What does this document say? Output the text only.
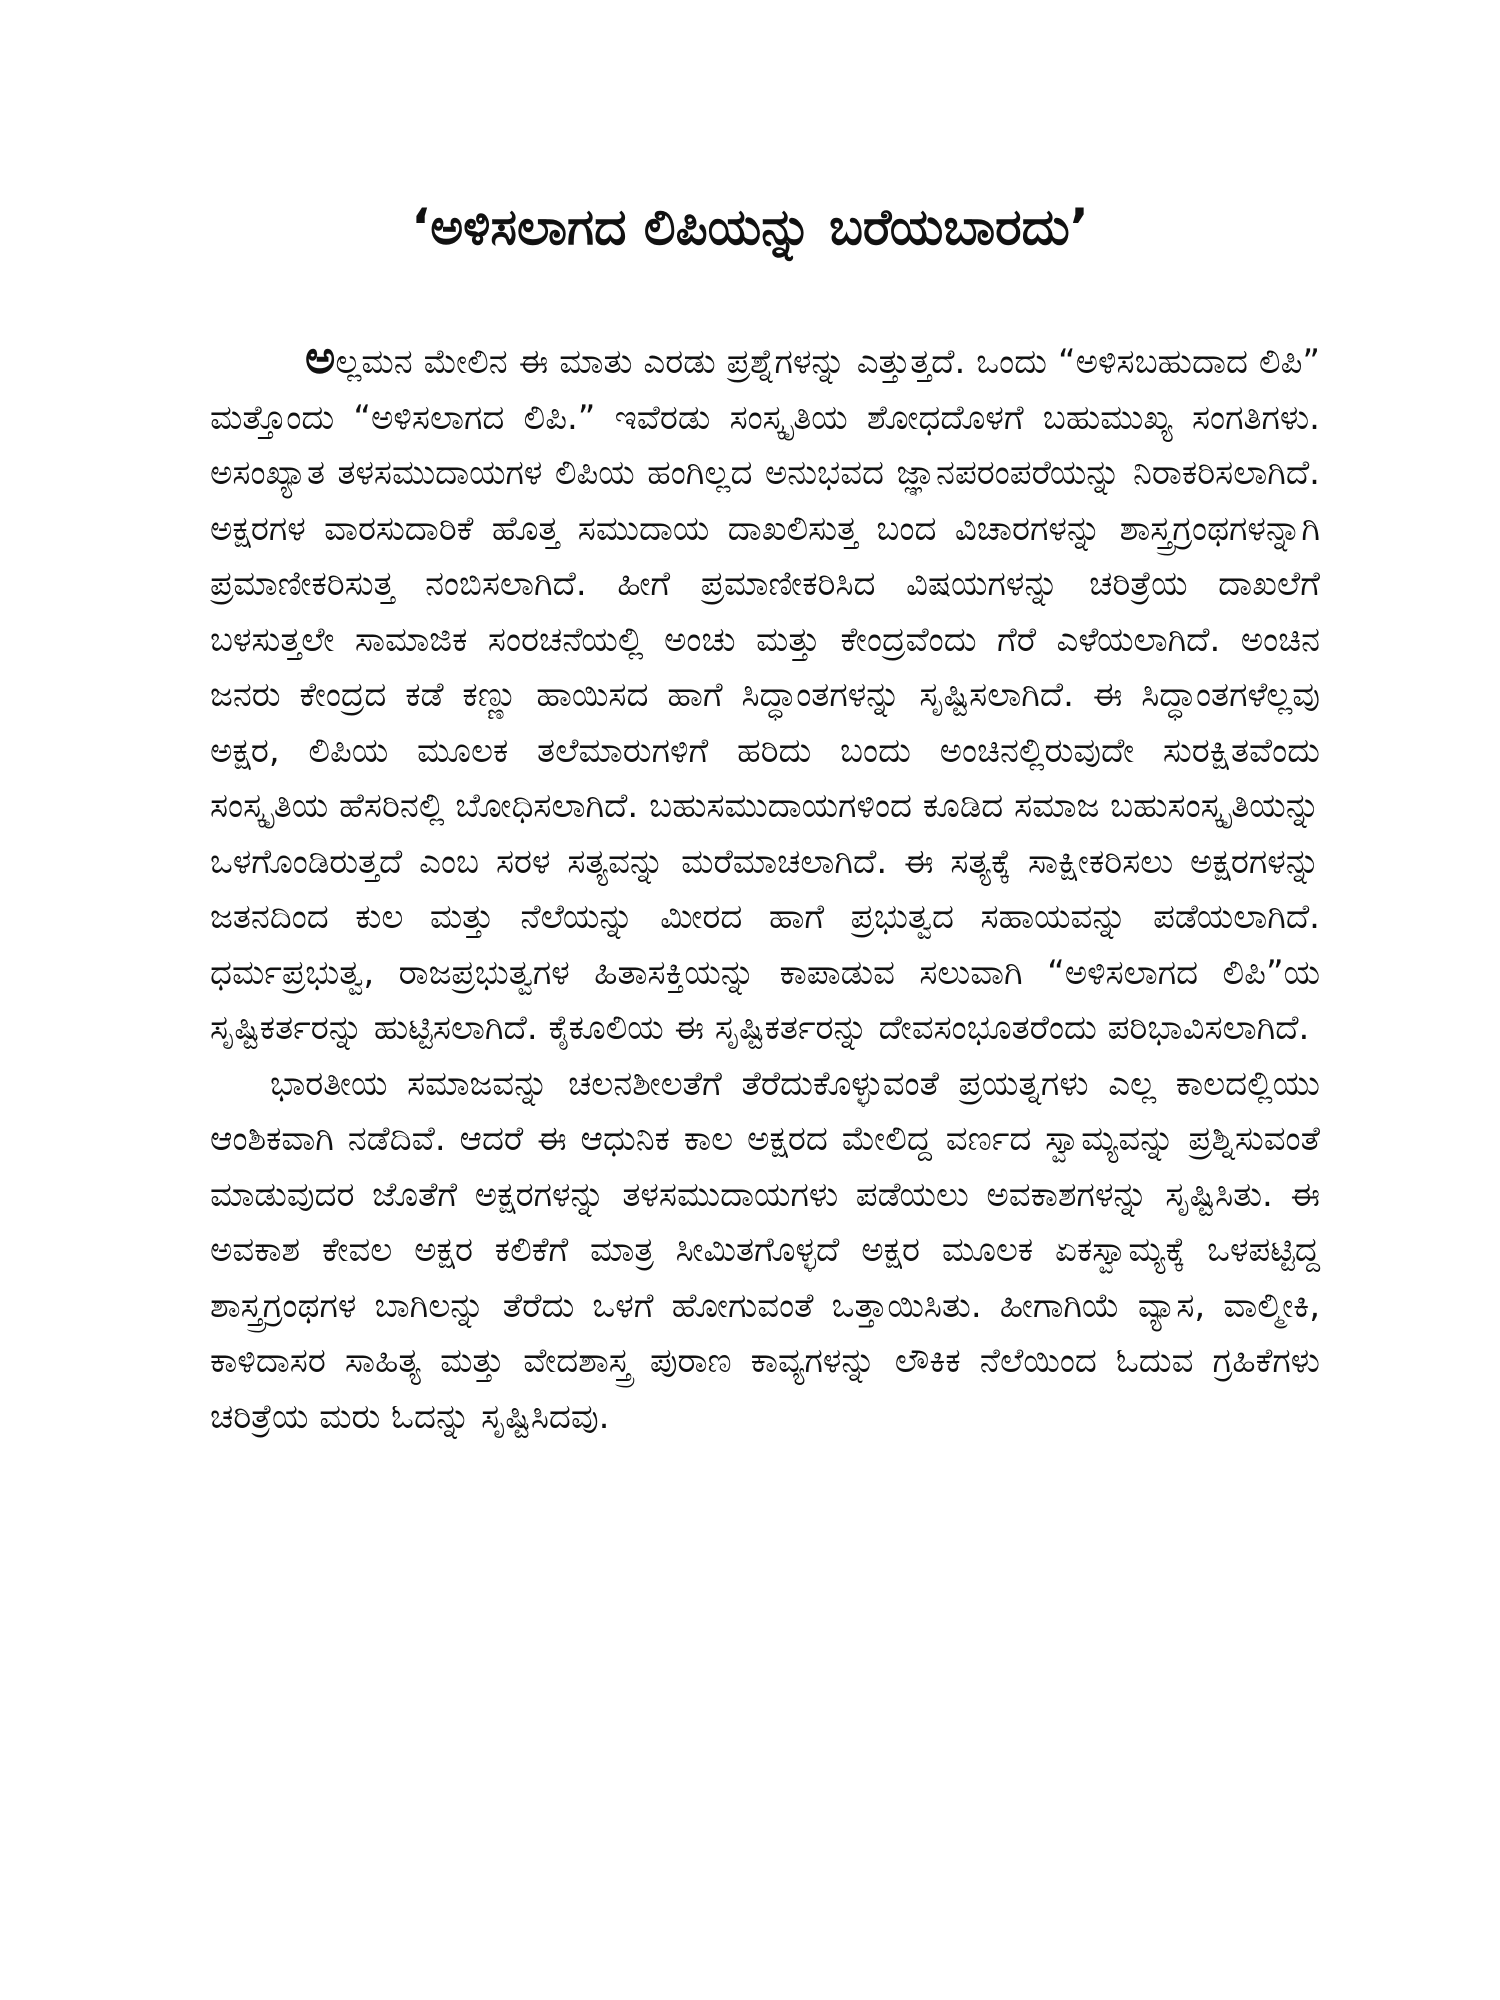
‘ಅಳಿಸಲಾಗದ ಲಿಪಿಯನ್ನು ಬರೆಯಬಾರದು’

ಅಲ್ಲಮನ ಮೇಲಿನ ಈ ಮಾತು ಎರಡು ಪ್ರಶ್ನೆಗಳನ್ನು ಎತ್ತುತ್ತದೆ. ಒಂದು “ಅಳಿಸಬಹುದಾದ ಲಿಪಿ” ಮತ್ತೊಂದು “ಅಳಿಸಲಾಗದ ಲಿಪಿ.” ಇವೆರಡು ಸಂಸ್ಕೃತಿಯ ಶೋಧದೊಳಗೆ ಬಹುಮುಖ್ಯ ಸಂಗತಿಗಳು. ಅಸಂಖ್ಯಾತ ತಳಸಮುದಾಯಗಳ ಲಿಪಿಯ ಹಂಗಿಲ್ಲದ ಅನುಭವದ ಜ್ಞಾನಪರಂಪರೆಯನ್ನು ನಿರಾಕರಿಸಲಾಗಿದೆ. ಅಕ್ಷರಗಳ ವಾರಸುದಾರಿಕೆ ಹೊತ್ತ ಸಮುದಾಯ ದಾಖಲಿಸುತ್ತ ಬಂದ ವಿಚಾರಗಳನ್ನು ಶಾಸ್ತ್ರಗ್ರಂಥಗಳನ್ನಾಗಿ ಪ್ರಮಾಣೀಕರಿಸುತ್ತ ನಂಬಿಸಲಾಗಿದೆ. ಹೀಗೆ ಪ್ರಮಾಣೀಕರಿಸಿದ ವಿಷಯಗಳನ್ನು ಚರಿತ್ರೆಯ ದಾಖಲೆಗೆ ಬಳಸುತ್ತಲೇ ಸಾಮಾಜಿಕ ಸಂರಚನೆಯಲ್ಲಿ ಅಂಚು ಮತ್ತು ಕೇಂದ್ರವೆಂದು ಗೆರೆ ಎಳೆಯಲಾಗಿದೆ. ಅಂಚಿನ ಜನರು ಕೇಂದ್ರದ ಕಡೆ ಕಣ್ಣು ಹಾಯಿಸದ ಹಾಗೆ ಸಿದ್ಧಾಂತಗಳನ್ನು ಸೃಷ್ಟಿಸಲಾಗಿದೆ. ಈ ಸಿದ್ಧಾಂತಗಳೆಲ್ಲವು ಅಕ್ಷರ, ಲಿಪಿಯ ಮೂಲಕ ತಲೆಮಾರುಗಳಿಗೆ ಹರಿದು ಬಂದು ಅಂಚಿನಲ್ಲಿರುವುದೇ ಸುರಕ್ಷಿತವೆಂದು ಸಂಸ್ಕೃತಿಯ ಹೆಸರಿನಲ್ಲಿ ಬೋಧಿಸಲಾಗಿದೆ. ಬಹುಸಮುದಾಯಗಳಿಂದ ಕೂಡಿದ ಸಮಾಜ ಬಹುಸಂಸ್ಕೃತಿಯನ್ನು ಒಳಗೊಂಡಿರುತ್ತದೆ ಎಂಬ ಸರಳ ಸತ್ಯವನ್ನು ಮರೆಮಾಚಲಾಗಿದೆ. ಈ ಸತ್ಯಕ್ಕೆ ಸಾಕ್ಷೀಕರಿಸಲು ಅಕ್ಷರಗಳನ್ನು ಜತನದಿಂದ ಕುಲ ಮತ್ತು ನೆಲೆಯನ್ನು ಮೀರದ ಹಾಗೆ ಪ್ರಭುತ್ವದ ಸಹಾಯವನ್ನು ಪಡೆಯಲಾಗಿದೆ. ಧರ್ಮಪ್ರಭುತ್ವ, ರಾಜಪ್ರಭುತ್ವಗಳ ಹಿತಾಸಕ್ತಿಯನ್ನು ಕಾಪಾಡುವ ಸಲುವಾಗಿ “ಅಳಿಸಲಾಗದ ಲಿಪಿ”ಯ ಸೃಷ್ಟಿಕರ್ತರನ್ನು ಹುಟ್ಟಿಸಲಾಗಿದೆ. ಕೈಕೂಲಿಯ ಈ ಸೃಷ್ಟಿಕರ್ತರನ್ನು ದೇವಸಂಭೂತರೆಂದು ಪರಿಭಾವಿಸಲಾಗಿದೆ.

ಭಾರತೀಯ ಸಮಾಜವನ್ನು ಚಲನಶೀಲತೆಗೆ ತೆರೆದುಕೊಳ್ಳುವಂತೆ ಪ್ರಯತ್ನಗಳು ಎಲ್ಲ ಕಾಲದಲ್ಲಿಯು ಆಂಶಿಕವಾಗಿ ನಡೆದಿವೆ. ಆದರೆ ಈ ಆಧುನಿಕ ಕಾಲ ಅಕ್ಷರದ ಮೇಲಿದ್ದ ವರ್ಣದ ಸ್ವಾಮ್ಯವನ್ನು ಪ್ರಶ್ನಿಸುವಂತೆ ಮಾಡುವುದರ ಜೊತೆಗೆ ಅಕ್ಷರಗಳನ್ನು ತಳಸಮುದಾಯಗಳು ಪಡೆಯಲು ಅವಕಾಶಗಳನ್ನು ಸೃಷ್ಟಿಸಿತು. ಈ ಅವಕಾಶ ಕೇವಲ ಅಕ್ಷರ ಕಲಿಕೆಗೆ ಮಾತ್ರ ಸೀಮಿತಗೊಳ್ಳದೆ ಅಕ್ಷರ ಮೂಲಕ ಏಕಸ್ವಾಮ್ಯಕ್ಕೆ ಒಳಪಟ್ಟಿದ್ದ ಶಾಸ್ತ್ರಗ್ರಂಥಗಳ ಬಾಗಿಲನ್ನು ತೆರೆದು ಒಳಗೆ ಹೋಗುವಂತೆ ಒತ್ತಾಯಿಸಿತು. ಹೀಗಾಗಿಯೆ ವ್ಯಾಸ, ವಾಲ್ಮೀಕಿ, ಕಾಳಿದಾಸರ ಸಾಹಿತ್ಯ ಮತ್ತು ವೇದಶಾಸ್ತ್ರ ಪುರಾಣ ಕಾವ್ಯಗಳನ್ನು ಲೌಕಿಕ ನೆಲೆಯಿಂದ ಓದುವ ಗ್ರಹಿಕೆಗಳು ಚರಿತ್ರೆಯ ಮರು ಓದನ್ನು ಸೃಷ್ಟಿಸಿದವು.
